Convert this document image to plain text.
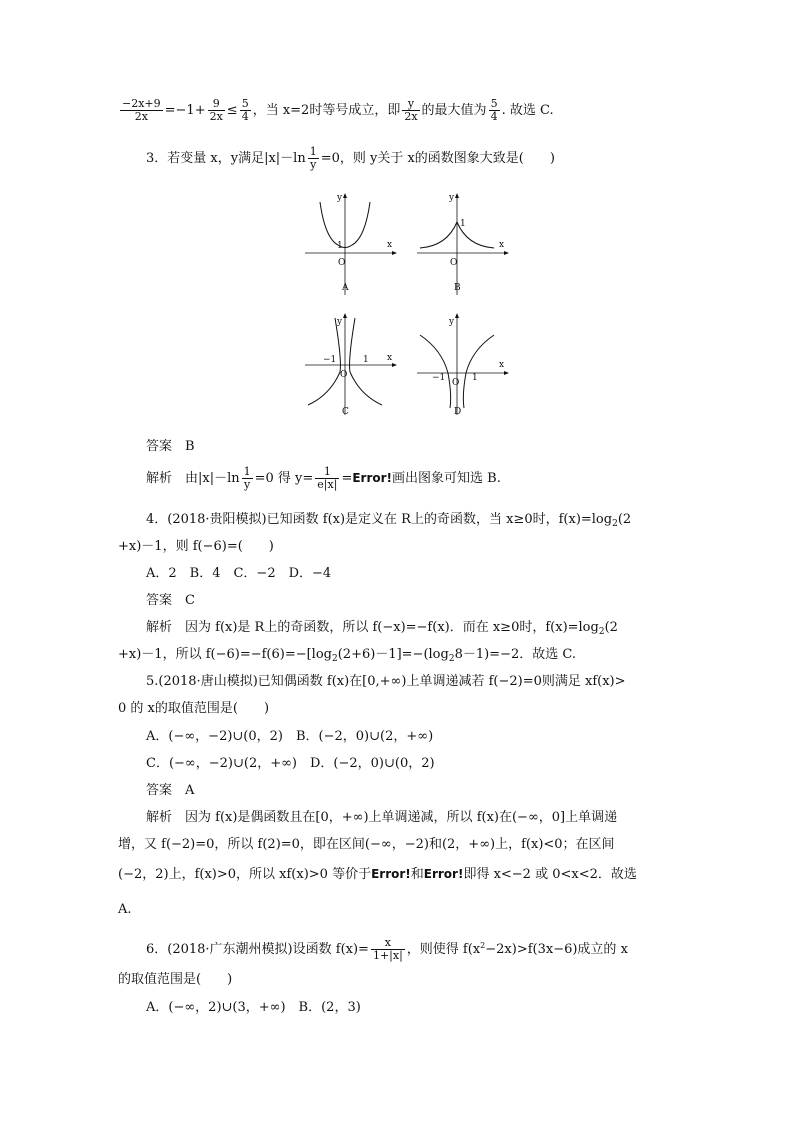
$\frac{-2x+9}{2x} =-1+ \frac{9}{2x} \le \frac{5}{4}$ ，当 x=2时等号成立，即 $\frac{y}{2x}$ 的最大值为 $\frac{5}{4}$ . 故选 C.
3．若变量 x，y满足$|x|-\ln \frac{1}{y} =0$，则 y关于 x的函数图象大致是(　　)
y
x
O
1
A
y
x
O
1
B
y
x
O
−1	1
C
y
x
O
−1	1
D
答案　B
解析　由$|x|-\ln \frac{1}{y} =0$ 得 $y= \frac{1}{e|x|}$ =Error!画出图象可知选 B.
4．(2018·贵阳模拟)已知函数 f(x)是定义在 R上的奇函数，当 x≥0时，$f(x)=\log_2(2$
+x)－1，则 f(−6)=(　　)
A．2　B．4　C．−2　D．−4
答案　C
解析　因为 f(x)是 R上的奇函数，所以 f(−x)=−f(x)．而在 x≥0时，$f(x)=\log_2(2$
+x)－1，所以 $f(-6)=-f(6)=-[\log_2(2+6)-1]=-(\log_28-1)=-2$．故选 C.
5.(2018·唐山模拟)已知偶函数 f(x)在[0,+∞)上单调递减若 f(−2)=0则满足 xf(x)>
0 的 x的取值范围是(　　)
A．(−∞，−2)∪(0，2)　B．(−2，0)∪(2，+∞)
C．(−∞，−2)∪(2，+∞)　D．(−2，0)∪(0，2)
答案　A
解析　因为 f(x)是偶函数且在[0，+∞)上单调递减，所以 f(x)在(−∞，0]上单调递
增，又 f(−2)=0，所以 f(2)=0，即在区间(−∞，−2)和(2，+∞)上，f(x)<0；在区间
(−2，2)上，f(x)>0，所以 xf(x)>0 等价于Error!和Error!即得 x<−2 或 0<x<2．故选
A.
6．(2018·广东潮州模拟)设函数 $f(x)= \frac{x}{1+|x|}$ ，则使得 $f(x^2-2x)>f(3x-6)$成立的 x
的取值范围是(　　)
A．(−∞，2)∪(3，+∞)　B．(2，3)
